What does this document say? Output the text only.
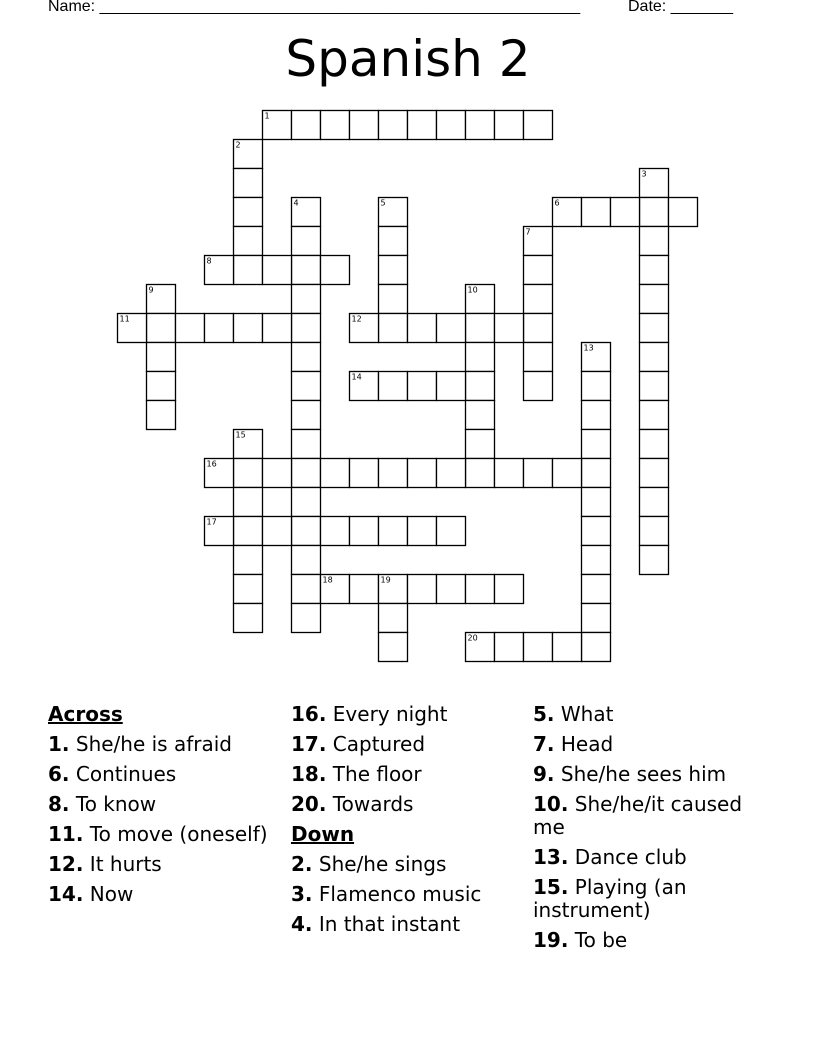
Name: ______________________________________________________	Date: _______
Spanish 2
1
2
3
4	5	6
7
8
9	10
11	12
13
14
15
16
17
18	19
20
Across
1. She/he is afraid
6. Continues
8. To know
11. To move (oneself)
12. It hurts
14. Now
16. Every night
17. Captured
18. The floor
20. Towards
Down
2. She/he sings
3. Flamenco music
4. In that instant
5. What
7. Head
9. She/he sees him
10. She/he/it caused me
13. Dance club
15. Playing (an instrument)
19. To be
